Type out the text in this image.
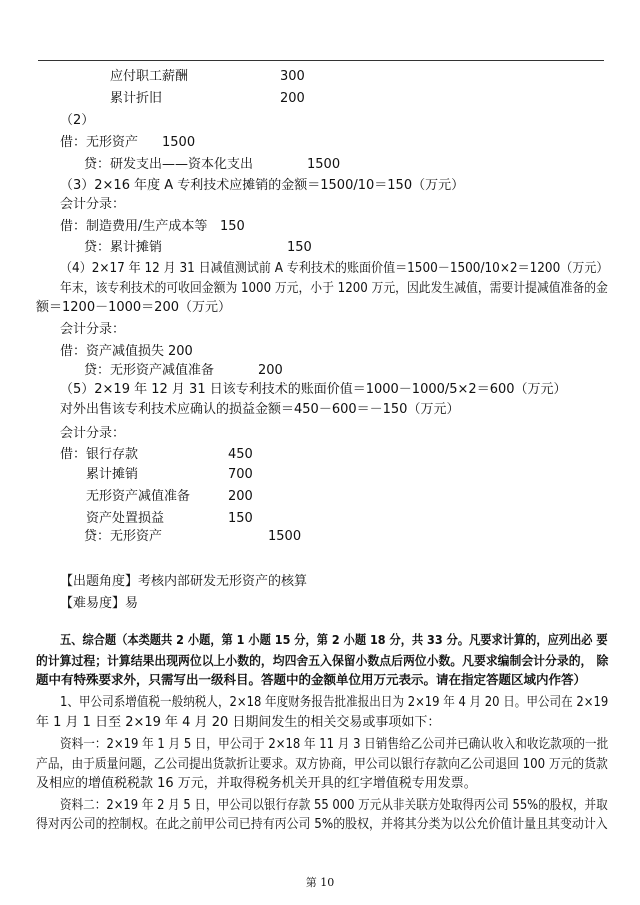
应付职工薪酬	300
累计折旧	200
（2）
借：无形资产 1500
贷：研发支出——资本化支出	1500
（3）2×16 年度 A 专利技术应摊销的金额＝1500/10＝150（万元）
会计分录：
借：制造费用/生产成本等 150
贷：累计摊销	150
（4）2×17 年 12 月 31 日减值测试前 A 专利技术的账面价值＝1500－1500/10×2＝1200（万元）
年末，该专利技术的可收回金额为 1000 万元，小于 1200 万元，因此发生减值，需要计提减值准备的金
额＝1200－1000＝200（万元）
会计分录：
借：资产减值损失 200
贷：无形资产减值准备	200
（5）2×19 年 12 月 31 日该专利技术的账面价值＝1000－1000/5×2＝600（万元）
对外出售该专利技术应确认的损益金额＝450－600＝－150（万元）
会计分录：
借：银行存款	450
累计摊销	700
无形资产减值准备	200
资产处置损益	150
贷：无形资产	1500
【出题角度】考核内部研发无形资产的核算
【难易度】易
五、综合题（本类题共 2 小题，第 1 小题 15 分，第 2 小题 18 分，共 33 分。凡要求计算的，应列出必 要
的计算过程；计算结果出现两位以上小数的，均四舍五入保留小数点后两位小数。凡要求编制会计分录的， 除
题中有特殊要求外，只需写出一级科目。答题中的金额单位用万元表示。请在指定答题区域内作答）
1、甲公司系增值税一般纳税人，2×18 年度财务报告批准报出日为 2×19 年 4 月 20 日。甲公司在 2×19
年 1 月 1 日至 2×19 年 4 月 20 日期间发生的相关交易或事项如下：
资料一：2×19 年 1 月 5 日，甲公司于 2×18 年 11 月 3 日销售给乙公司并已确认收入和收讫款项的一批
产品，由于质量问题，乙公司提出货款折让要求。双方协商，甲公司以银行存款向乙公司退回 100 万元的货款
及相应的增值税税款 16 万元，并取得税务机关开具的红字增值税专用发票。
资料二：2×19 年 2 月 5 日，甲公司以银行存款 55 000 万元从非关联方处取得丙公司 55%的股权，并取
得对丙公司的控制权。在此之前甲公司已持有丙公司 5%的股权，并将其分类为以公允价值计量且其变动计入
第 10
